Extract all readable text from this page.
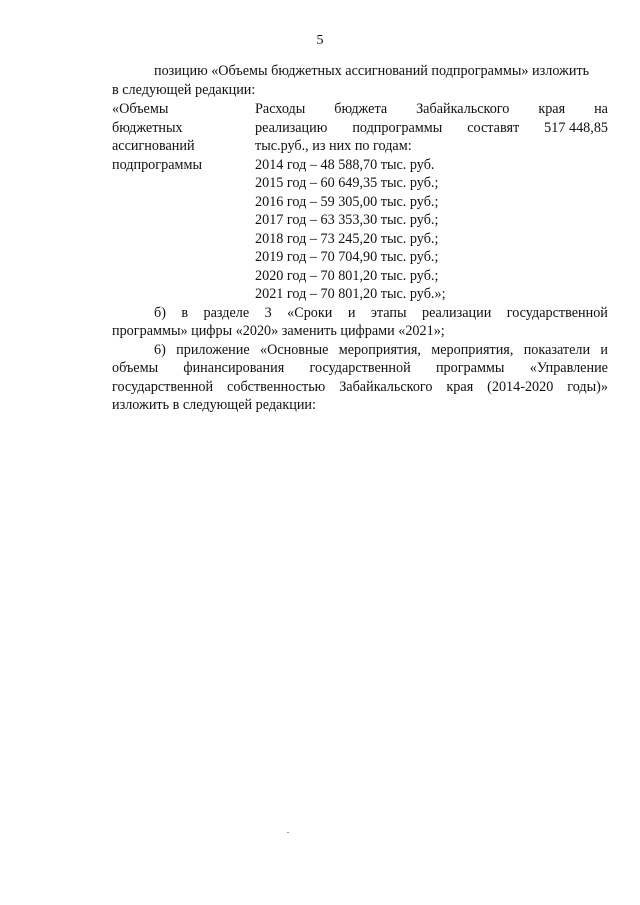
5

позицию «Объемы бюджетных ассигнований подпрограммы» изложить

в следующей редакции:

«Объемы
бюджетных
ассигнований
подпрограммы
Расходы бюджета Забайкальского края на
реализацию подпрограммы составят 517 448,85
тыс.руб., из них по годам:
2014 год – 48 588,70 тыс. руб.
2015 год – 60 649,35 тыс. руб.;
2016 год – 59 305,00 тыс. руб.;
2017 год – 63 353,30 тыс. руб.;
2018 год – 73 245,20 тыс. руб.;
2019 год – 70 704,90 тыс. руб.;
2020 год – 70 801,20 тыс. руб.;
2021 год – 70 801,20 тыс. руб.»;
б) в разделе 3 «Сроки и этапы реализации государственной

программы» цифры «2020» заменить цифрами «2021»;

6) приложение «Основные мероприятия, мероприятия, показатели и
объемы финансирования государственной программы «Управление
государственной собственностью Забайкальского края (2014-2020 годы)»

изложить в следующей редакции:
